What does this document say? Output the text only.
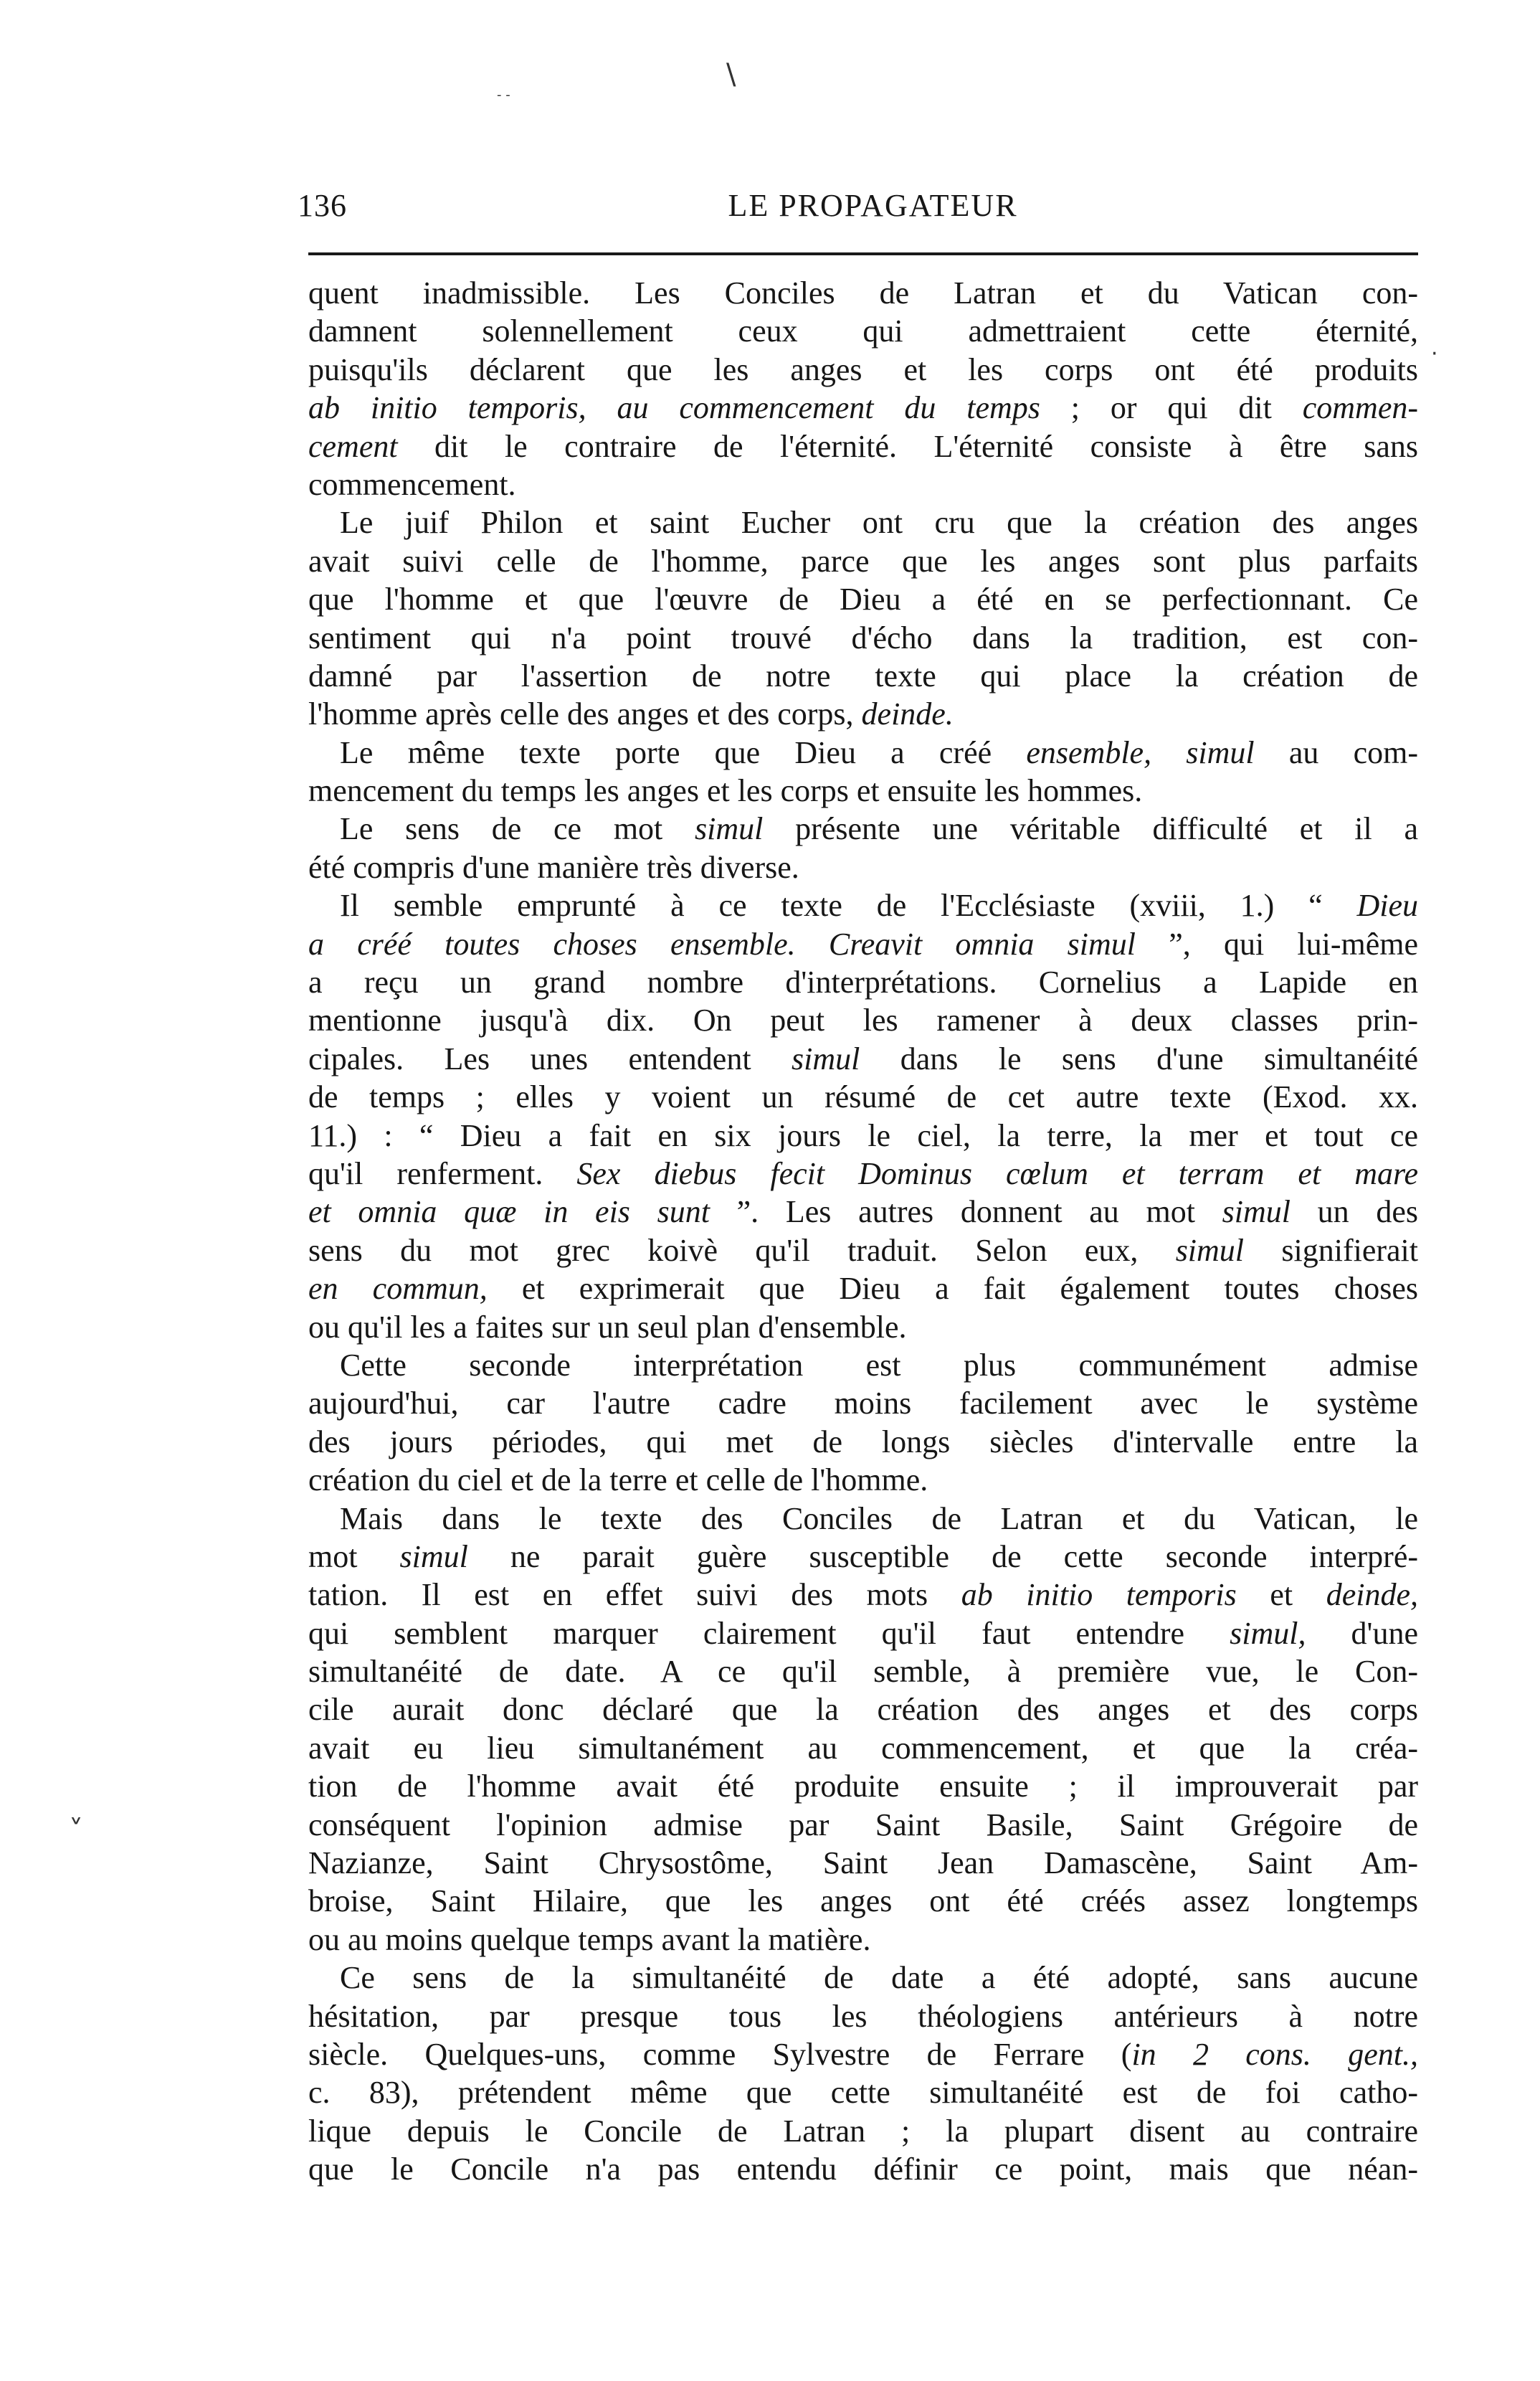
\
- -
·
˅
136	LE PROPAGATEUR
quent inadmissible. Les Conciles de Latran et du Vatican con-
damnent solennellement ceux qui admettraient cette éternité,
puisqu'ils déclarent que les anges et les corps ont été produits
ab initio temporis, au commencement du temps ; or qui dit commen-
cement dit le contraire de l'éternité. L'éternité consiste à être sans
commencement.
Le juif Philon et saint Eucher ont cru que la création des anges
avait suivi celle de l'homme, parce que les anges sont plus parfaits
que l'homme et que l'œuvre de Dieu a été en se perfectionnant. Ce
sentiment qui n'a point trouvé d'écho dans la tradition, est con-
damné par l'assertion de notre texte qui place la création de
l'homme après celle des anges et des corps, deinde.
Le même texte porte que Dieu a créé ensemble, simul au com-
mencement du temps les anges et les corps et ensuite les hommes.
Le sens de ce mot simul présente une véritable difficulté et il a
été compris d'une manière très diverse.
Il semble emprunté à ce texte de l'Ecclésiaste (xviii, 1.) “ Dieu
a créé toutes choses ensemble. Creavit omnia simul ”, qui lui-même
a reçu un grand nombre d'interprétations. Cornelius a Lapide en
mentionne jusqu'à dix. On peut les ramener à deux classes prin-
cipales. Les unes entendent simul dans le sens d'une simultanéité
de temps ; elles y voient un résumé de cet autre texte (Exod. xx.
11.) : “ Dieu a fait en six jours le ciel, la terre, la mer et tout ce
qu'il renferment. Sex diebus fecit Dominus cœlum et terram et mare
et omnia quæ in eis sunt ”. Les autres donnent au mot simul un des
sens du mot grec koivè qu'il traduit. Selon eux, simul signifierait
en commun, et exprimerait que Dieu a fait également toutes choses
ou qu'il les a faites sur un seul plan d'ensemble.
Cette seconde interprétation est plus communément admise
aujourd'hui, car l'autre cadre moins facilement avec le système
des jours périodes, qui met de longs siècles d'intervalle entre la
création du ciel et de la terre et celle de l'homme.
Mais dans le texte des Conciles de Latran et du Vatican, le
mot simul ne parait guère susceptible de cette seconde interpré-
tation. Il est en effet suivi des mots ab initio temporis et deinde,
qui semblent marquer clairement qu'il faut entendre simul, d'une
simultanéité de date. A ce qu'il semble, à première vue, le Con-
cile aurait donc déclaré que la création des anges et des corps
avait eu lieu simultanément au commencement, et que la créa-
tion de l'homme avait été produite ensuite ; il improuverait par
conséquent l'opinion admise par Saint Basile, Saint Grégoire de
Nazianze, Saint Chrysostôme, Saint Jean Damascène, Saint Am-
broise, Saint Hilaire, que les anges ont été créés assez longtemps
ou au moins quelque temps avant la matière.
Ce sens de la simultanéité de date a été adopté, sans aucune
hésitation, par presque tous les théologiens antérieurs à notre
siècle. Quelques-uns, comme Sylvestre de Ferrare (in 2 cons. gent.,
c. 83), prétendent même que cette simultanéité est de foi catho-
lique depuis le Concile de Latran ; la plupart disent au contraire
que le Concile n'a pas entendu définir ce point, mais que néan-
